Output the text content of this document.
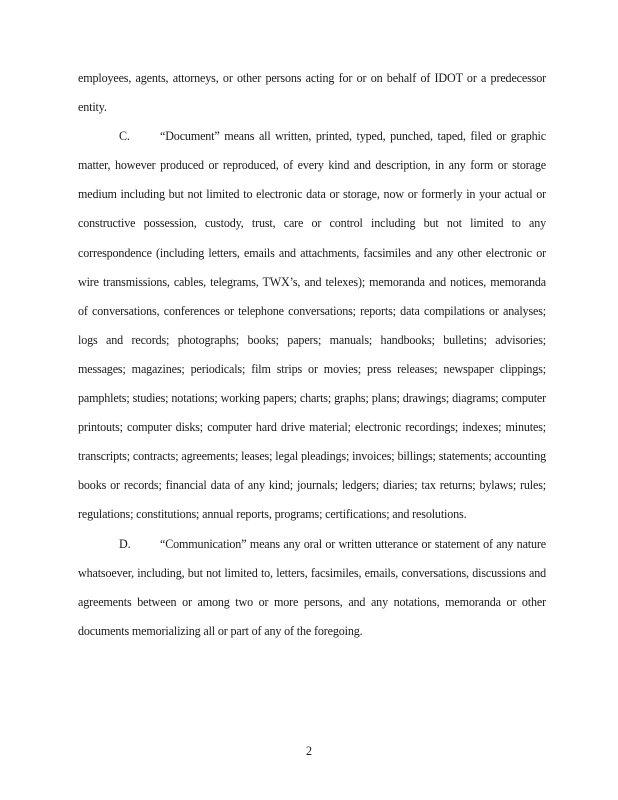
employees, agents, attorneys, or other persons acting for or on behalf of IDOT or a predecessor entity.

C. “Document” means all written, printed, typed, punched, taped, filed or graphic matter, however produced or reproduced, of every kind and description, in any form or storage medium including but not limited to electronic data or storage, now or formerly in your actual or constructive possession, custody, trust, care or control including but not limited to any correspondence (including letters, emails and attachments, facsimiles and any other electronic or wire transmissions, cables, telegrams, TWX’s, and telexes); memoranda and notices, memoranda of conversations, conferences or telephone conversations; reports; data compilations or analyses; logs and records; photographs; books; papers; manuals; handbooks; bulletins; advisories; messages; magazines; periodicals; film strips or movies; press releases; newspaper clippings; pamphlets; studies; notations; working papers; charts; graphs; plans; drawings; diagrams; computer printouts; computer disks; computer hard drive material; electronic recordings; indexes; minutes; transcripts; contracts; agreements; leases; legal pleadings; invoices; billings; statements; accounting books or records; financial data of any kind; journals; ledgers; diaries; tax returns; bylaws; rules; regulations; constitutions; annual reports, programs; certifications; and resolutions.

D. “Communication” means any oral or written utterance or statement of any nature whatsoever, including, but not limited to, letters, facsimiles, emails, conversations, discussions and agreements between or among two or more persons, and any notations, memoranda or other documents memorializing all or part of any of the foregoing.

2
